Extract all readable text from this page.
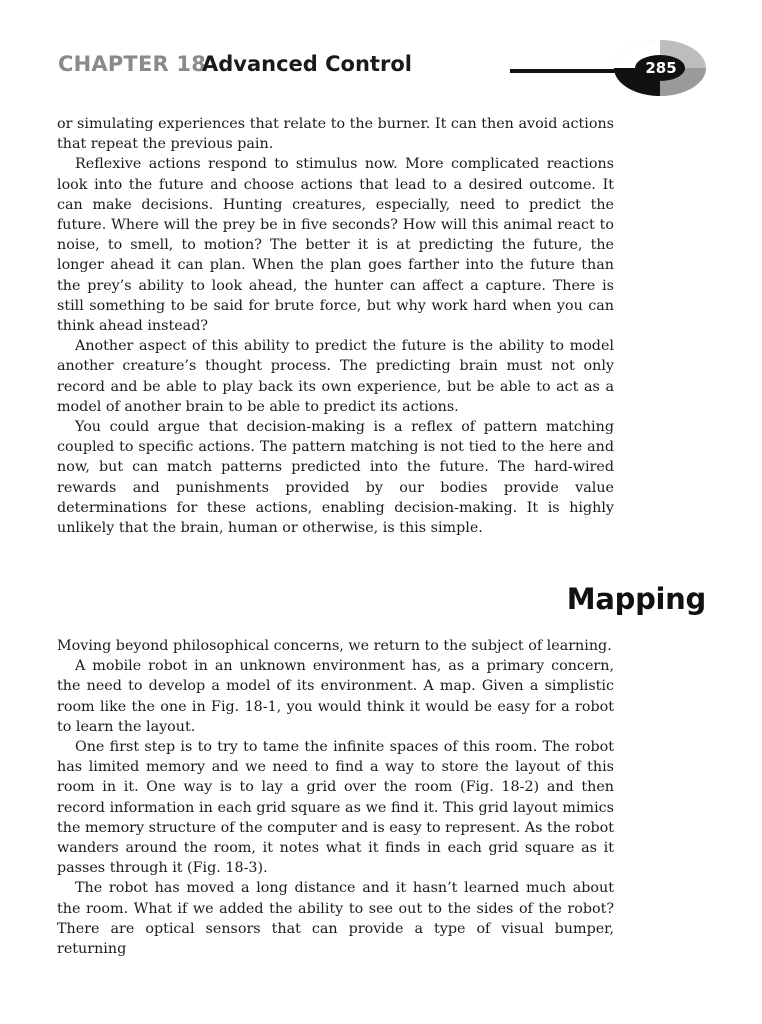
CHAPTER 18
Advanced Control	285

or simulating experiences that relate to the burner. It can then avoid actions that repeat the previous pain.

Reflexive actions respond to stimulus now. More complicated reactions look into the future and choose actions that lead to a desired outcome. It can make decisions. Hunting creatures, especially, need to predict the future. Where will the prey be in five seconds? How will this animal react to noise, to smell, to motion? The better it is at predicting the future, the longer ahead it can plan. When the plan goes farther into the future than the prey’s ability to look ahead, the hunter can affect a capture. There is still something to be said for brute force, but why work hard when you can think ahead instead?

Another aspect of this ability to predict the future is the ability to model another creature’s thought process. The predicting brain must not only record and be able to play back its own experience, but be able to act as a model of another brain to be able to predict its actions.

You could argue that decision-making is a reflex of pattern matching coupled to specific actions. The pattern matching is not tied to the here and now, but can match patterns predicted into the future. The hard-wired rewards and punishments provided by our bodies provide value determinations for these actions, enabling decision-making. It is highly unlikely that the brain, human or otherwise, is this simple.

Mapping

Moving beyond philosophical concerns, we return to the subject of learning.

A mobile robot in an unknown environment has, as a primary concern, the need to develop a model of its environment. A map. Given a simplistic room like the one in Fig. 18-1, you would think it would be easy for a robot to learn the layout.

One first step is to try to tame the infinite spaces of this room. The robot has limited memory and we need to find a way to store the layout of this room in it. One way is to lay a grid over the room (Fig. 18-2) and then record information in each grid square as we find it. This grid layout mimics the memory structure of the computer and is easy to represent. As the robot wanders around the room, it notes what it finds in each grid square as it passes through it (Fig. 18-3).

The robot has moved a long distance and it hasn’t learned much about the room. What if we added the ability to see out to the sides of the robot? There are optical sensors that can provide a type of visual bumper, returning
